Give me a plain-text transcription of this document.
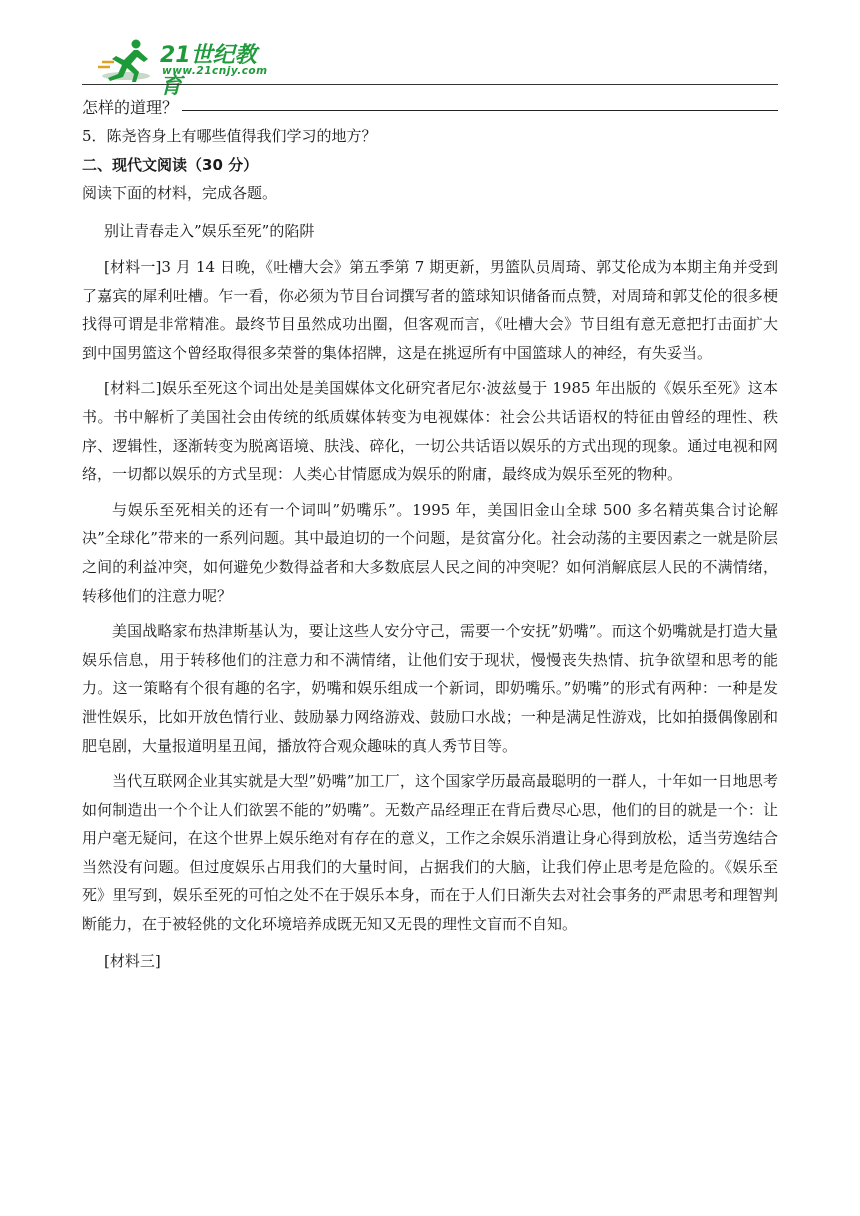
21世纪教育
www.21cnjy.com
怎样的道理？

5．陈尧咨身上有哪些值得我们学习的地方？

二、现代文阅读（30 分）

阅读下面的材料，完成各题。

别让青春走入”娱乐至死”的陷阱

[材料一]3 月 14 日晚，《吐槽大会》第五季第 7 期更新，男篮队员周琦、郭艾伦成为本期主角并受到了嘉宾的犀利吐槽。乍一看，你必须为节目台词撰写者的篮球知识储备而点赞，对周琦和郭艾伦的很多梗找得可谓是非常精准。最终节目虽然成功出圈，但客观而言，《吐槽大会》节目组有意无意把打击面扩大到中国男篮这个曾经取得很多荣誉的集体招牌，这是在挑逗所有中国篮球人的神经，有失妥当。

[材料二]娱乐至死这个词出处是美国媒体文化研究者尼尔·波兹曼于 1985 年出版的《娱乐至死》这本书。书中解析了美国社会由传统的纸质媒体转变为电视媒体：社会公共话语权的特征由曾经的理性、秩序、逻辑性，逐渐转变为脱离语境、肤浅、碎化，一切公共话语以娱乐的方式出现的现象。通过电视和网络，一切都以娱乐的方式呈现：人类心甘情愿成为娱乐的附庸，最终成为娱乐至死的物种。

与娱乐至死相关的还有一个词叫”奶嘴乐”。1995 年，美国旧金山全球 500 多名精英集合讨论解决”全球化”带来的一系列问题。其中最迫切的一个问题，是贫富分化。社会动荡的主要因素之一就是阶层之间的利益冲突，如何避免少数得益者和大多数底层人民之间的冲突呢？如何消解底层人民的不满情绪，转移他们的注意力呢？

美国战略家布热津斯基认为，要让这些人安分守己，需要一个安抚”奶嘴”。而这个奶嘴就是打造大量娱乐信息，用于转移他们的注意力和不满情绪，让他们安于现状，慢慢丧失热情、抗争欲望和思考的能力。这一策略有个很有趣的名字，奶嘴和娱乐组成一个新词，即奶嘴乐。”奶嘴”的形式有两种：一种是发泄性娱乐，比如开放色情行业、鼓励暴力网络游戏、鼓励口水战；一种是满足性游戏，比如拍摄偶像剧和肥皂剧，大量报道明星丑闻，播放符合观众趣味的真人秀节目等。

当代互联网企业其实就是大型”奶嘴”加工厂，这个国家学历最高最聪明的一群人，十年如一日地思考如何制造出一个个让人们欲罢不能的”奶嘴”。无数产品经理正在背后费尽心思，他们的目的就是一个：让用户毫无疑问，在这个世界上娱乐绝对有存在的意义，工作之余娱乐消遣让身心得到放松，适当劳逸结合当然没有问题。但过度娱乐占用我们的大量时间，占据我们的大脑，让我们停止思考是危险的。《娱乐至死》里写到，娱乐至死的可怕之处不在于娱乐本身，而在于人们日渐失去对社会事务的严肃思考和理智判断能力，在于被轻佻的文化环境培养成既无知又无畏的理性文盲而不自知。

[材料三]
